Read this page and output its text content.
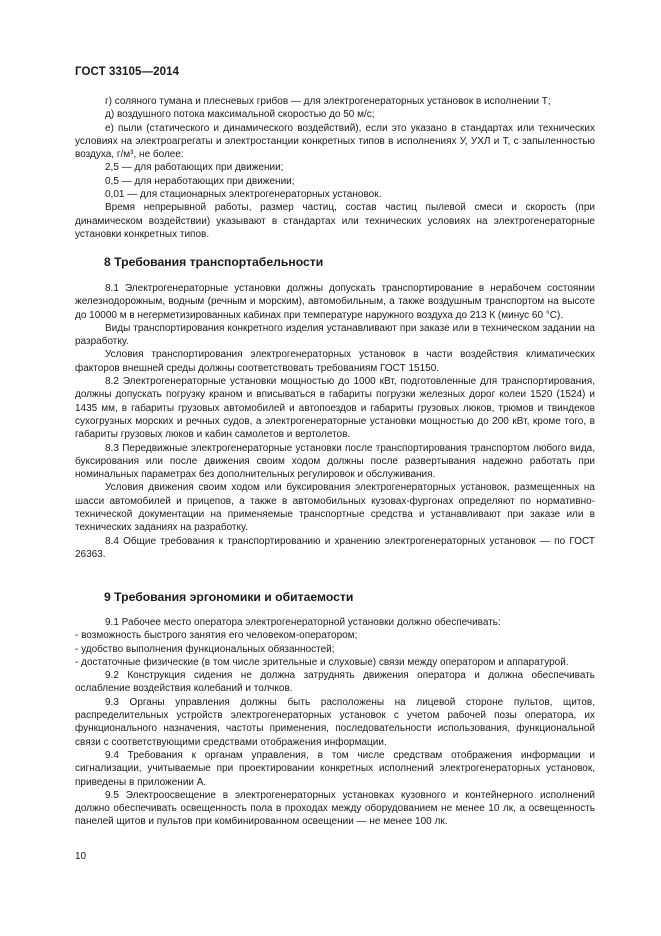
ГОСТ 33105—2014

г) соляного тумана и плесневых грибов — для электрогенераторных установок в исполнении Т;

д) воздушного потока максимальной скоростью до 50 м/с;

е) пыли (статического и динамического воздействий), если это указано в стандартах или технических условиях на электроагрегаты и электростанции конкретных типов в исполнениях У, УХЛ и Т, с запыленностью воздуха, г/м³, не более:

2,5 — для работающих при движении;

0,5 — для неработающих при движении;

0,01 — для стационарных электрогенераторных установок.

Время непрерывной работы, размер частиц, состав частиц пылевой смеси и скорость (при динамическом воздействии) указывают в стандартах или технических условиях на электрогенераторные установки конкретных типов.

8 Требования транспортабельности

8.1 Электрогенераторные установки должны допускать транспортирование в нерабочем состоянии железнодорожным, водным (речным и морским), автомобильным, а также воздушным транспортом на высоте до 10000 м в негерметизированных кабинах при температуре наружного воздуха до 213 К (минус 60 °С).

Виды транспортирования конкретного изделия устанавливают при заказе или в техническом задании на разработку.

Условия транспортирования электрогенераторных установок в части воздействия климатических факторов внешней среды должны соответствовать требованиям ГОСТ 15150.

8.2 Электрогенераторные установки мощностью до 1000 кВт, подготовленные для транспортирования, должны допускать погрузку краном и вписываться в габариты погрузки железных дорог колеи 1520 (1524) и 1435 мм, в габариты грузовых автомобилей и автопоездов и габариты грузовых люков, трюмов и твиндеков сухогрузных морских и речных судов, а электрогенераторные установки мощностью до 200 кВт, кроме того, в габариты грузовых люков и кабин самолетов и вертолетов.

8.3 Передвижные электрогенераторные установки после транспортирования транспортом любого вида, буксирования или после движения своим ходом должны после развертывания надежно работать при номинальных параметрах без дополнительных регулировок и обслуживания.

Условия движения своим ходом или буксирования электрогенераторных установок, размещенных на шасси автомобилей и прицепов, а также в автомобильных кузовах-фургонах определяют по нормативно-технической документации на применяемые транспортные средства и устанавливают при заказе или в технических заданиях на разработку.

8.4 Общие требования к транспортированию и хранению электрогенераторных установок — по ГОСТ 26363.

9 Требования эргономики и обитаемости

9.1 Рабочее место оператора электрогенераторной установки должно обеспечивать:

- возможность быстрого занятия его человеком-оператором;

- удобство выполнения функциональных обязанностей;

- достаточные физические (в том числе зрительные и слуховые) связи между оператором и аппаратурой.

9.2 Конструкция сидения не должна затруднять движения оператора и должна обеспечивать ослабление воздействия колебаний и толчков.

9.3 Органы управления должны быть расположены на лицевой стороне пультов, щитов, распределительных устройств электрогенераторных установок с учетом рабочей позы оператора, их функционального назначения, частоты применения, последовательности использования, функциональной связи с соответствующими средствами отображения информации.

9.4 Требования к органам управления, в том числе средствам отображения информации и сигнализации, учитываемые при проектировании конкретных исполнений электрогенераторных установок, приведены в приложении А.

9.5 Электроосвещение в электрогенераторных установках кузовного и контейнерного исполнений должно обеспечивать освещенность пола в проходах между оборудованием не менее 10 лк, а освещенность панелей щитов и пультов при комбинированном освещении — не менее 100 лк.

10
